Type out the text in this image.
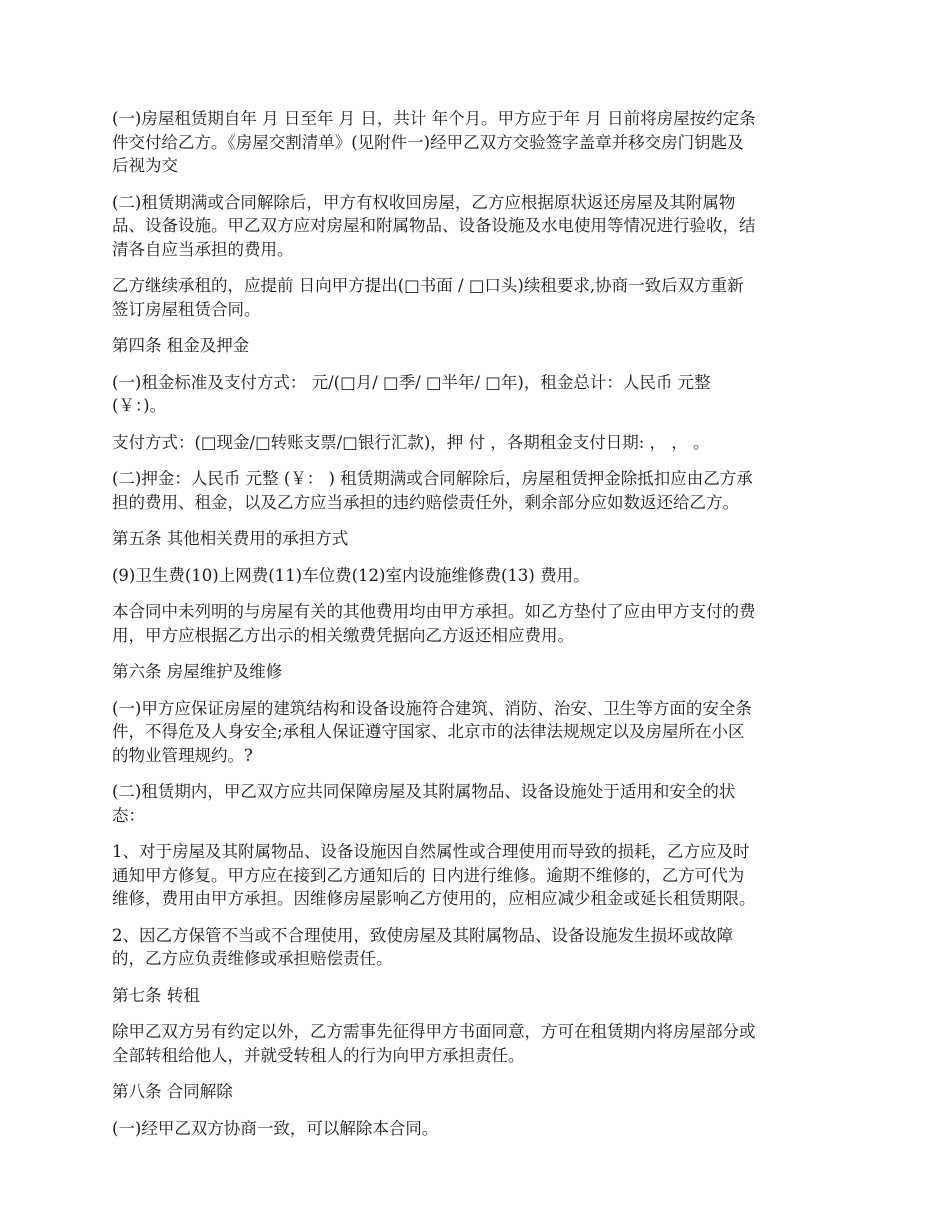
(一)房屋租赁期自年 月 日至年 月 日，共计 年个月。甲方应于年 月 日前将房屋按约定条
件交付给乙方。《房屋交割清单》(见附件一)经甲乙双方交验签字盖章并移交房门钥匙及
后视为交

(二)租赁期满或合同解除后，甲方有权收回房屋，乙方应根据原状返还房屋及其附属物
品、设备设施。甲乙双方应对房屋和附属物品、设备设施及水电使用等情况进行验收，结
清各自应当承担的费用。

乙方继续承租的，应提前 日向甲方提出(□书面 / □口头)续租要求,协商一致后双方重新
签订房屋租赁合同。

第四条 租金及押金

(一)租金标准及支付方式： 元/(□月/ □季/ □半年/ □年)，租金总计：人民币 元整
(￥：)。

支付方式：(□现金/□转账支票/□银行汇款)，押 付 ，各期租金支付日期: ， ， 。

(二)押金：人民币 元整 (￥： ) 租赁期满或合同解除后，房屋租赁押金除抵扣应由乙方承
担的费用、租金，以及乙方应当承担的违约赔偿责任外，剩余部分应如数返还给乙方。

第五条 其他相关费用的承担方式

(9)卫生费(10)上网费(11)车位费(12)室内设施维修费(13) 费用。

本合同中未列明的与房屋有关的其他费用均由甲方承担。如乙方垫付了应由甲方支付的费
用，甲方应根据乙方出示的相关缴费凭据向乙方返还相应费用。

第六条 房屋维护及维修

(一)甲方应保证房屋的建筑结构和设备设施符合建筑、消防、治安、卫生等方面的安全条
件，不得危及人身安全;承租人保证遵守国家、北京市的法律法规规定以及房屋所在小区
的物业管理规约。?

(二)租赁期内，甲乙双方应共同保障房屋及其附属物品、设备设施处于适用和安全的状
态：

1、对于房屋及其附属物品、设备设施因自然属性或合理使用而导致的损耗，乙方应及时
通知甲方修复。甲方应在接到乙方通知后的 日内进行维修。逾期不维修的，乙方可代为
维修，费用由甲方承担。因维修房屋影响乙方使用的，应相应减少租金或延长租赁期限。

2、因乙方保管不当或不合理使用，致使房屋及其附属物品、设备设施发生损坏或故障
的，乙方应负责维修或承担赔偿责任。

第七条 转租

除甲乙双方另有约定以外，乙方需事先征得甲方书面同意，方可在租赁期内将房屋部分或
全部转租给他人，并就受转租人的行为向甲方承担责任。

第八条 合同解除

(一)经甲乙双方协商一致，可以解除本合同。
